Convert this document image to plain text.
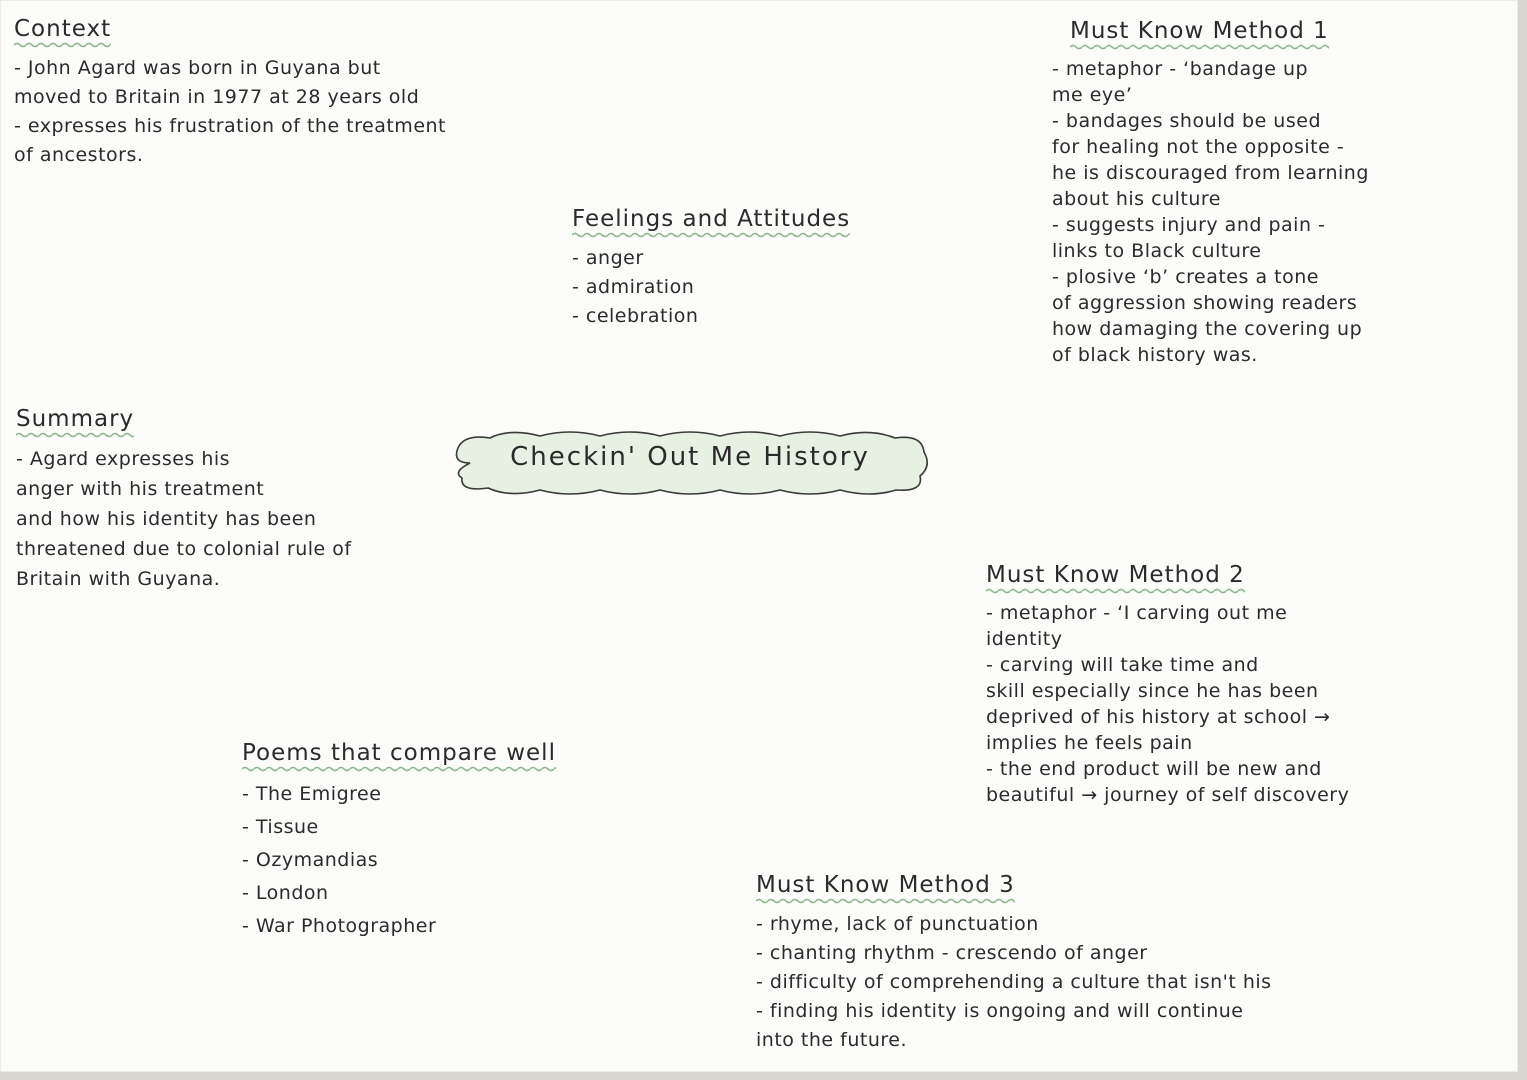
Context
- John Agard was born in Guyana but
moved to Britain in 1977 at 28 years old
- expresses his frustration of the treatment
of ancestors.
Feelings and Attitudes
- anger
- admiration
- celebration
Must Know Method 1
- metaphor - ‘bandage up
me eye’
- bandages should be used
for healing not the opposite -
he is discouraged from learning
about his culture
- suggests injury and pain -
links to Black culture
- plosive ‘b’ creates a tone
of aggression showing readers
how damaging the covering up
of black history was.
Summary
- Agard expresses his
anger with his treatment
and how his identity has been
threatened due to colonial rule of
Britain with Guyana.
Checkin' Out Me History
Must Know Method 2
- metaphor - ‘I carving out me
identity
- carving will take time and
skill especially since he has been
deprived of his history at school →
implies he feels pain
- the end product will be new and
beautiful → journey of self discovery
Poems that compare well
- The Emigree
- Tissue
- Ozymandias
- London
- War Photographer
Must Know Method 3
- rhyme, lack of punctuation
- chanting rhythm - crescendo of anger
- difficulty of comprehending a culture that isn't his
- finding his identity is ongoing and will continue
into the future.
